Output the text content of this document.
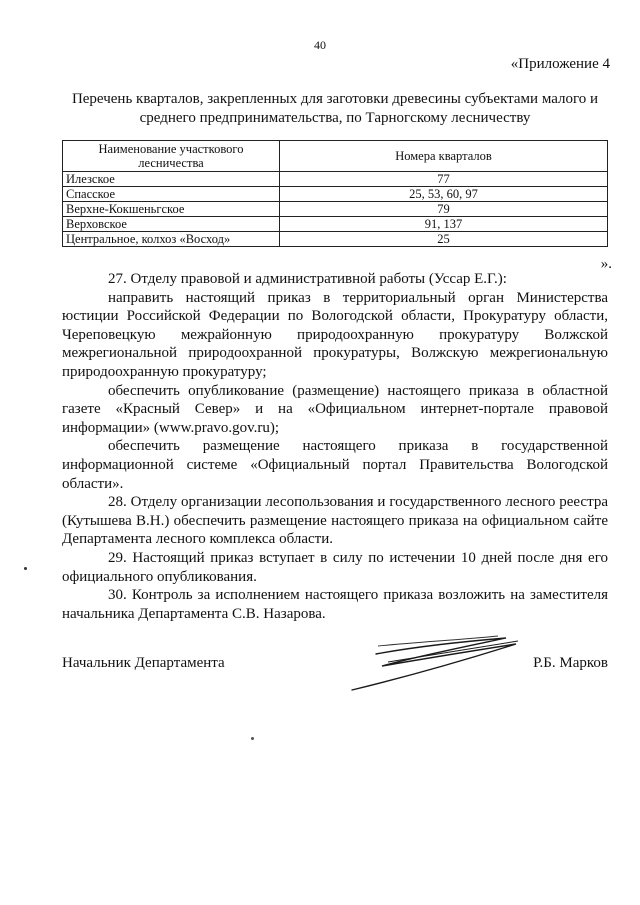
40
«Приложение 4
Перечень кварталов, закрепленных для заготовки древесины субъектами малого и
среднего предпринимательства, по Тарногскому лесничеству
Наименование участкового лесничества	Номера кварталов
Илезское	77
Спасское	25, 53, 60, 97
Верхне-Кокшеньгское	79
Верховское	91, 137
Центральное, колхоз «Восход»	25
».

27. Отделу правовой и административной работы (Уссар Е.Г.):

направить настоящий приказ в территориальный орган Министерства юстиции Российской Федерации по Вологодской области, Прокуратуру области, Череповецкую межрайонную природоохранную прокуратуру Волжской межрегиональной природоохранной прокуратуры, Волжскую межрегиональную природоохранную прокуратуру;

обеспечить опубликование (размещение) настоящего приказа в областной газете «Красный Север» и на «Официальном интернет-портале правовой информации» (www.pravo.gov.ru);

обеспечить размещение настоящего приказа в государственной информационной системе «Официальный портал Правительства Вологодской области».

28. Отделу организации лесопользования и государственного лесного реестра (Кутышева В.Н.) обеспечить размещение настоящего приказа на официальном сайте Департамента лесного комплекса области.

29. Настоящий приказ вступает в силу по истечении 10 дней после дня его официального опубликования.

30. Контроль за исполнением настоящего приказа возложить на заместителя начальника Департамента С.В. Назарова.

Начальник Департамента	Р.Б. Марков
